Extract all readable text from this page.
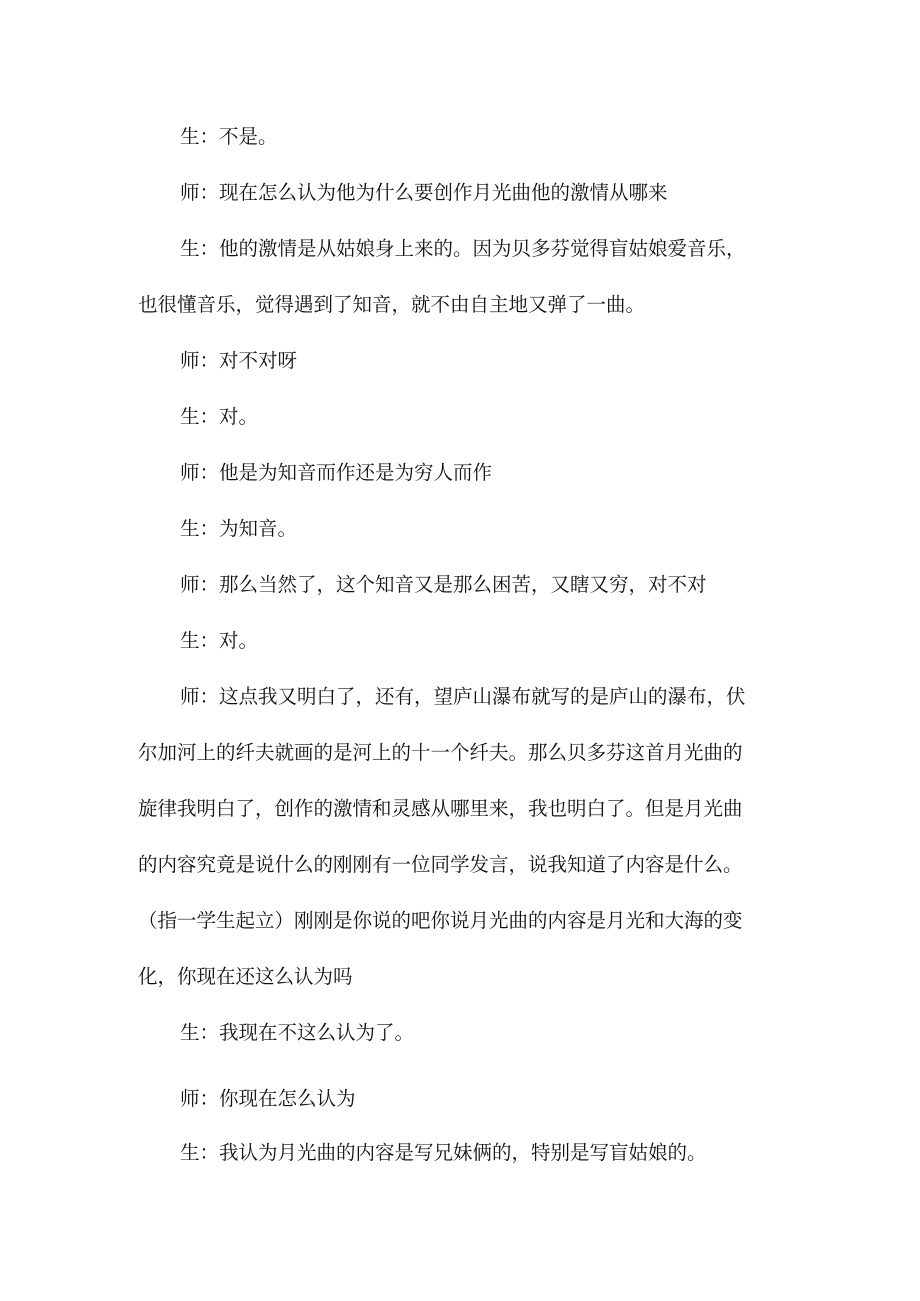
生：不是。
师：现在怎么认为他为什么要创作月光曲他的激情从哪来
生：他的激情是从姑娘身上来的。因为贝多芬觉得盲姑娘爱音乐，
也很懂音乐，觉得遇到了知音，就不由自主地又弹了一曲。
师：对不对呀
生：对。
师：他是为知音而作还是为穷人而作
生：为知音。
师：那么当然了，这个知音又是那么困苦，又瞎又穷，对不对
生：对。
师：这点我又明白了，还有，望庐山瀑布就写的是庐山的瀑布，伏
尔加河上的纤夫就画的是河上的十一个纤夫。那么贝多芬这首月光曲的
旋律我明白了，创作的激情和灵感从哪里来，我也明白了。但是月光曲
的内容究竟是说什么的刚刚有一位同学发言，说我知道了内容是什么。
（指一学生起立）刚刚是你说的吧你说月光曲的内容是月光和大海的变
化，你现在还这么认为吗
生：我现在不这么认为了。
师：你现在怎么认为
生：我认为月光曲的内容是写兄妹俩的，特别是写盲姑娘的。
